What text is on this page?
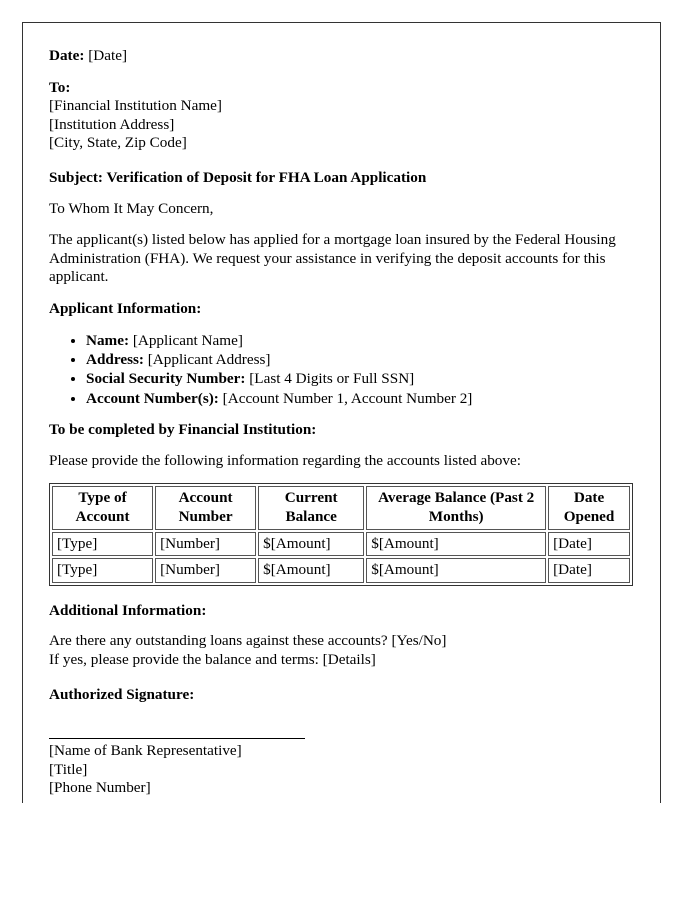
Date: [Date]

To:

[Financial Institution Name]

[Institution Address]

[City, State, Zip Code]

Subject: Verification of Deposit for FHA Loan Application

To Whom It May Concern,

The applicant(s) listed below has applied for a mortgage loan insured by the Federal Housing Administration (FHA). We request your assistance in verifying the deposit accounts for this applicant.

Applicant Information:
• Name: [Applicant Name]
• Address: [Applicant Address]
• Social Security Number: [Last 4 Digits or Full SSN]
• Account Number(s): [Account Number 1, Account Number 2]
To be completed by Financial Institution:

Please provide the following information regarding the accounts listed above:

Type of Account	Account Number	Current Balance	Average Balance (Past 2 Months)	Date Opened
[Type]	[Number]	$[Amount]	$[Amount]	[Date]
[Type]	[Number]	$[Amount]	$[Amount]	[Date]
Additional Information:

Are there any outstanding loans against these accounts? [Yes/No]

If yes, please provide the balance and terms: [Details]

Authorized Signature:

[Name of Bank Representative]

[Title]

[Phone Number]
